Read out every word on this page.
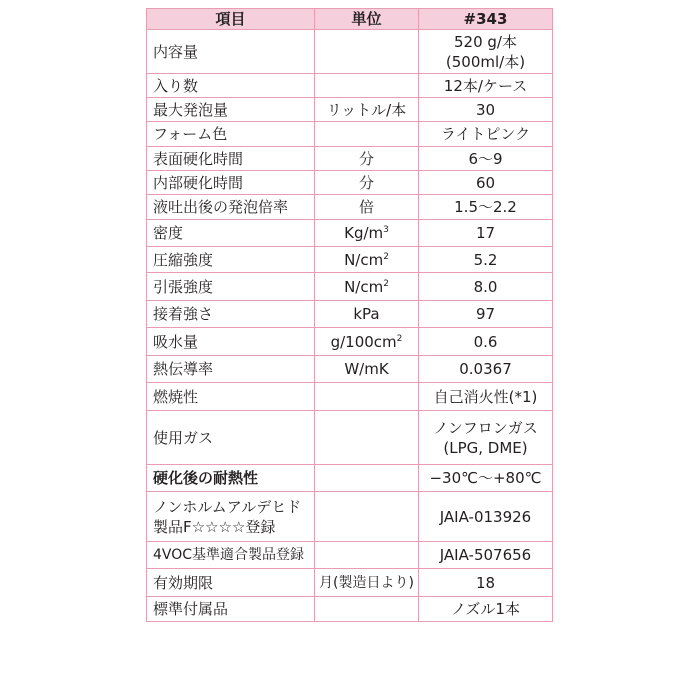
項目	単位	#343
内容量		520 g/本
(500ml/本)

入り数		12本/ケース
最大発泡量	リットル/本	30
フォーム色		ライトピンク
表面硬化時間	分	6〜9
内部硬化時間	分	60
液吐出後の発泡倍率	倍	1.5〜2.2
密度	$Kg/m^3$	17
圧縮強度	$N/cm^2$	5.2
引張強度	$N/cm^2$	8.0
接着強さ	kPa	97
吸水量	$g/100cm^2$	0.6
熱伝導率	W/mK	0.0367
燃焼性		自己消火性(*1)
使用ガス		ノンフロンガス
(LPG, DME)

硬化後の耐熱性		−30℃〜+80℃

ノンホルムアルデヒド
製品F☆☆☆☆登録		JAIA-013926
4VOC基準適合製品登録		JAIA-507656
有効期限	月(製造日より)	18
標準付属品		ノズル1本
